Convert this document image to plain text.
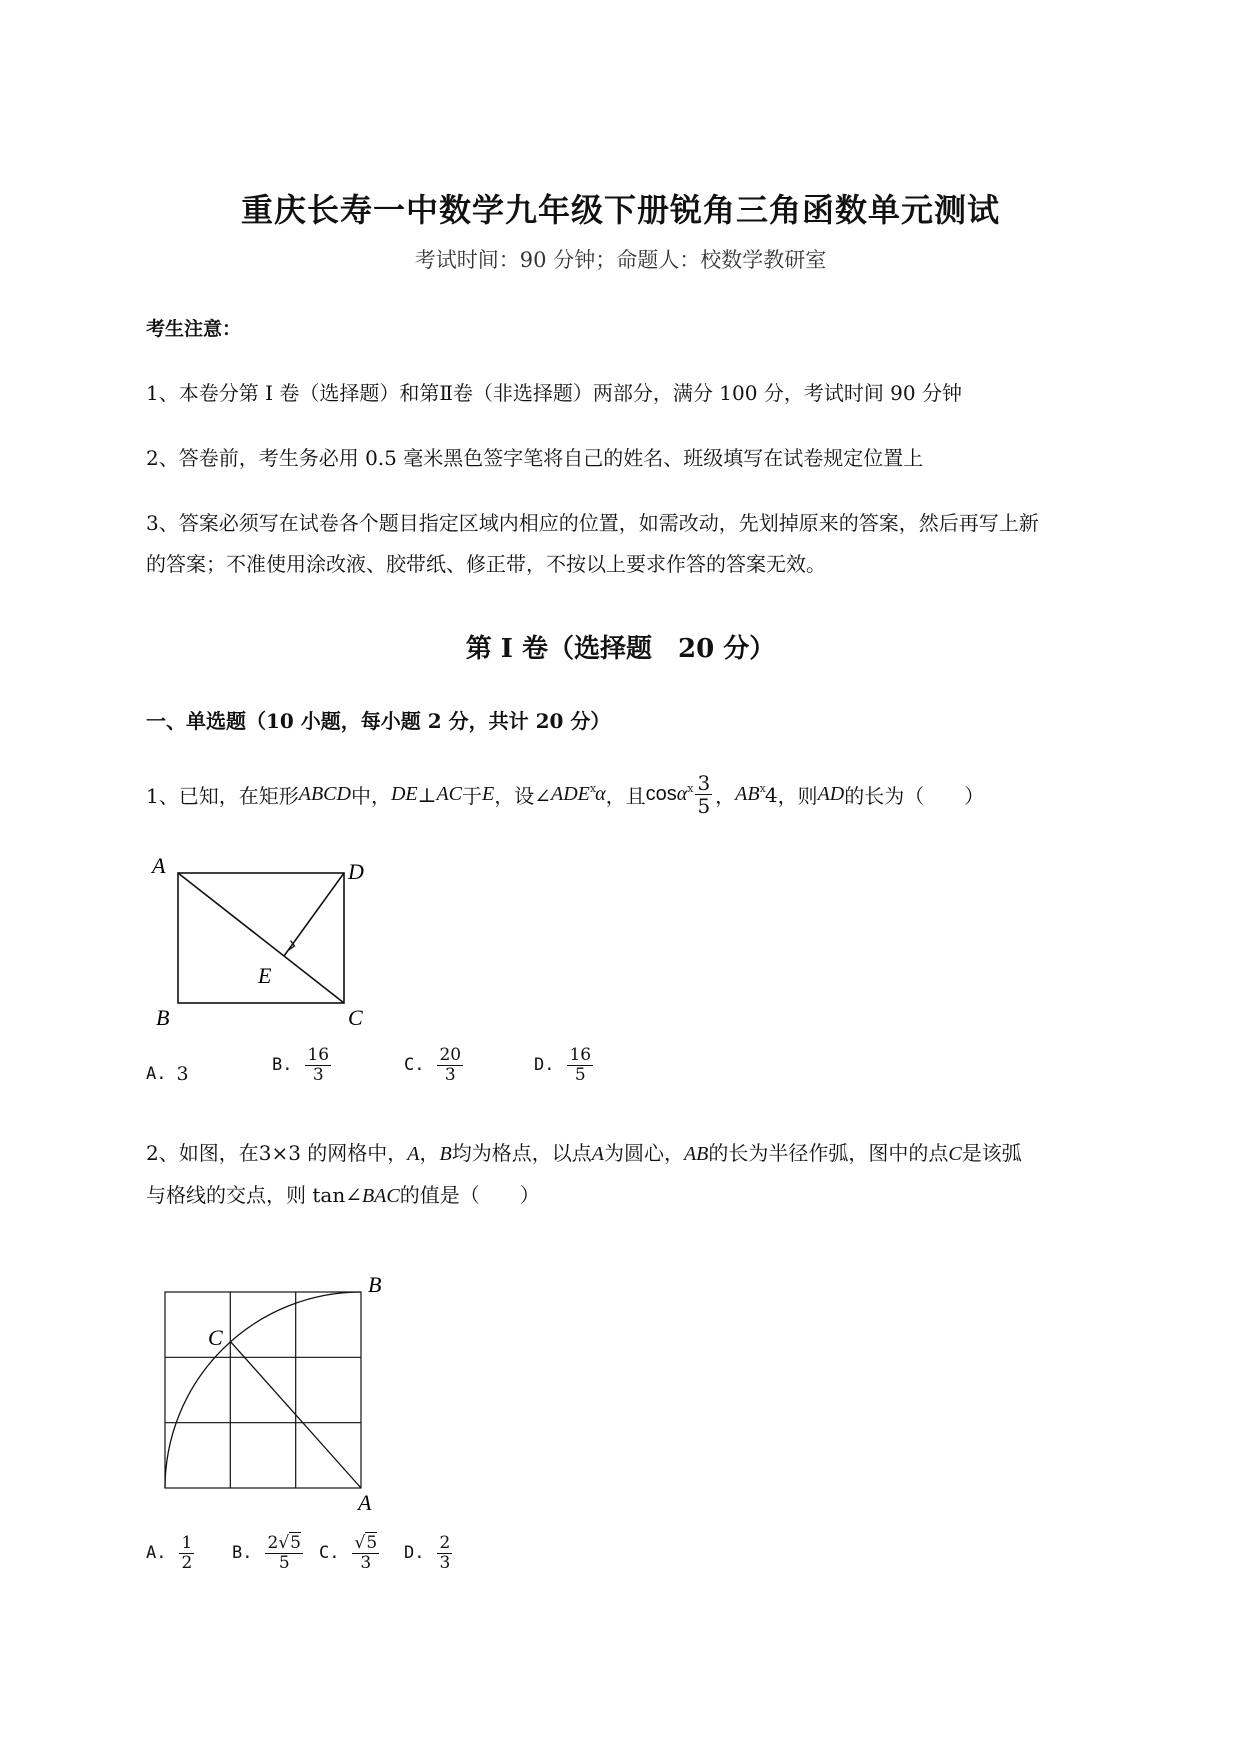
重庆长寿一中数学九年级下册锐角三角函数单元测试
考试时间：90 分钟；命题人：校数学教研室
考生注意：
1、本卷分第 I 卷（选择题）和第Ⅱ卷（非选择题）两部分，满分 100 分，考试时间 90 分钟
2、答卷前，考生务必用 0.5 毫米黑色签字笔将自己的姓名、班级填写在试卷规定位置上
3、答案必须写在试卷各个题目指定区域内相应的位置，如需改动，先划掉原来的答案，然后再写上新
的答案；不准使用涂改液、胶带纸、修正带，不按以上要求作答的答案无效。
第 I 卷（选择题　20 分）
一、单选题（10 小题，每小题 2 分，共计 20 分）
1、已知，在矩形 ABCD 中， DE ⊥ AC 于 E ，设∠ ADE ⅹ α ，且 cos α ⅹ $\frac{3}{5}$ ， AB ⅹ 4 ，则 AD 的长为（　　）
A	D
B	C
E
A. 3	B. $\frac{16}{3}$	C. $\frac{20}{3}$	D. $\frac{16}{5}$
2、如图，在3×3 的网格中，A，B均为格点，以点A为圆心，AB的长为半径作弧，图中的点C是该弧
与格线的交点，则 tan∠BAC的值是（　　）
B
C
A
A. $\frac{1}{2} B$. $\frac{2√5}{5} C$. $\frac{√5}{3} D$. $\frac{2}{3}$
